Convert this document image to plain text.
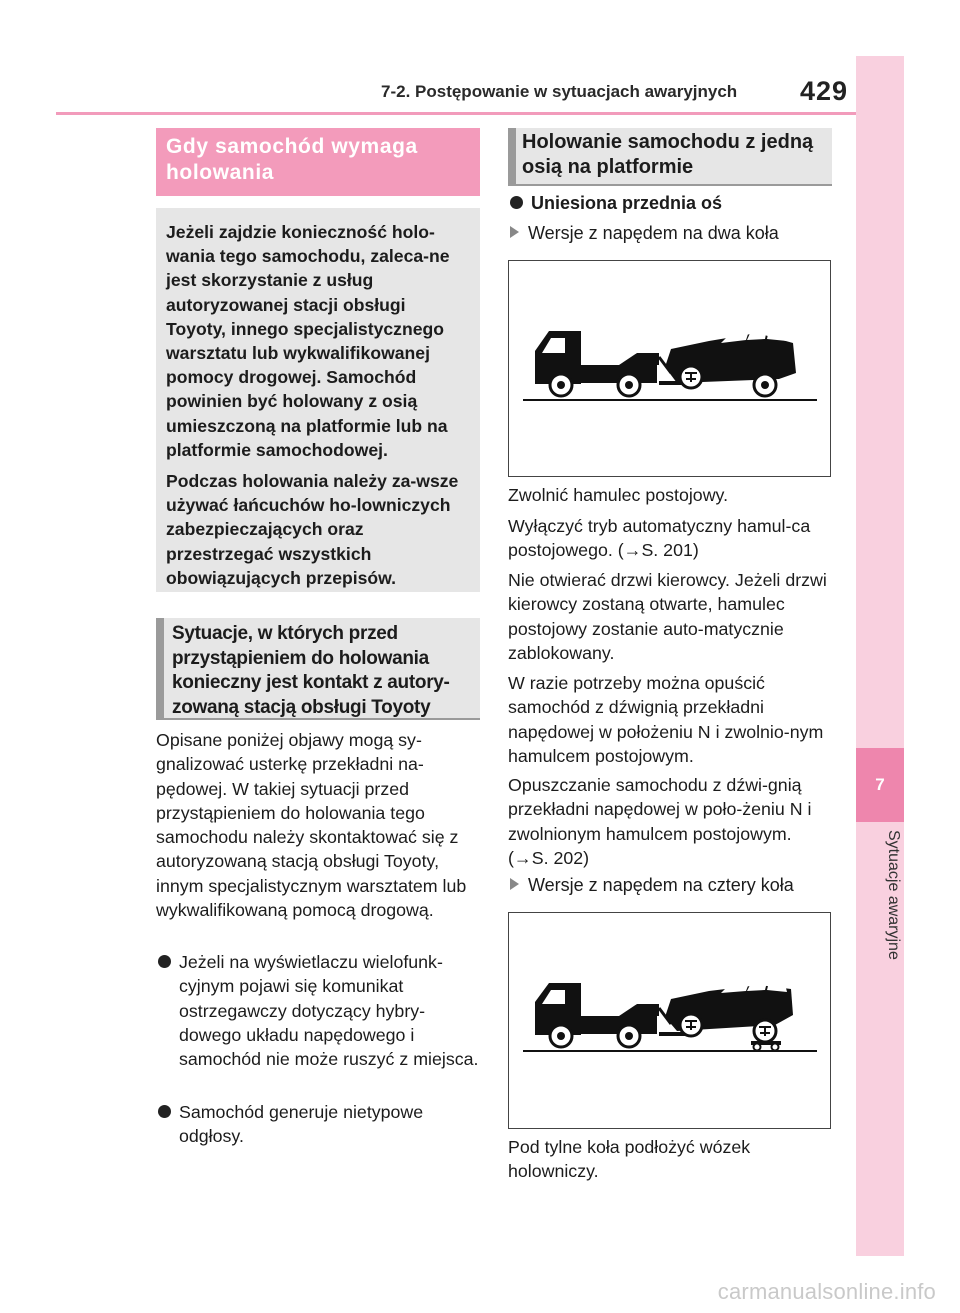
7-2. Postępowanie w sytuacjach awaryjnych 429
7
Sytuacje awaryjne
Gdy samochód wymaga holowania

Jeżeli zajdzie konieczność holo-wania tego samochodu, zaleca-ne jest skorzystanie z usług autoryzowanej stacji obsługi Toyoty, innego specjalistycznego warsztatu lub wykwalifikowanej pomocy drogowej. Samochód powinien być holowany z osią umieszczoną na platformie lub na platformie samochodowej.

Podczas holowania należy za-wsze używać łańcuchów ho-lowniczych zabezpieczających oraz przestrzegać wszystkich obowiązujących przepisów.

Sytuacje, w których przed przystąpieniem do holowania konieczny jest kontakt z autory-zowaną stacją obsługi Toyoty
Opisane poniżej objawy mogą sy-gnalizować usterkę przekładni na-pędowej. W takiej sytuacji przed przystąpieniem do holowania tego samochodu należy skontaktować się z autoryzowaną stacją obsługi Toyoty, innym specjalistycznym warsztatem lub wykwalifikowaną pomocą drogową.
Jeżeli na wyświetlaczu wielofunk-cyjnym pojawi się komunikat ostrzegawczy dotyczący hybry-dowego układu napędowego i samochód nie może ruszyć z miejsca.
Samochód generuje nietypowe odgłosy.
Holowanie samochodu z jedną osią na platformie
Uniesiona przednia oś
Wersje z napędem na dwa koła

Zwolnić hamulec postojowy.

Wyłączyć tryb automatyczny hamul-ca postojowego. (→S. 201)

Nie otwierać drzwi kierowcy. Jeżeli drzwi kierowcy zostaną otwarte, hamulec postojowy zostanie auto-matycznie zablokowany.

W razie potrzeby można opuścić samochód z dźwignią przekładni napędowej w położeniu N i zwolnio-nym hamulcem postojowym.

Opuszczanie samochodu z dźwi-gnią przekładni napędowej w poło-żeniu N i zwolnionym hamulcem postojowym. (→S. 202)

Wersje z napędem na cztery koła

Pod tylne koła podłożyć wózek holowniczy.

carmanualsonline.info
